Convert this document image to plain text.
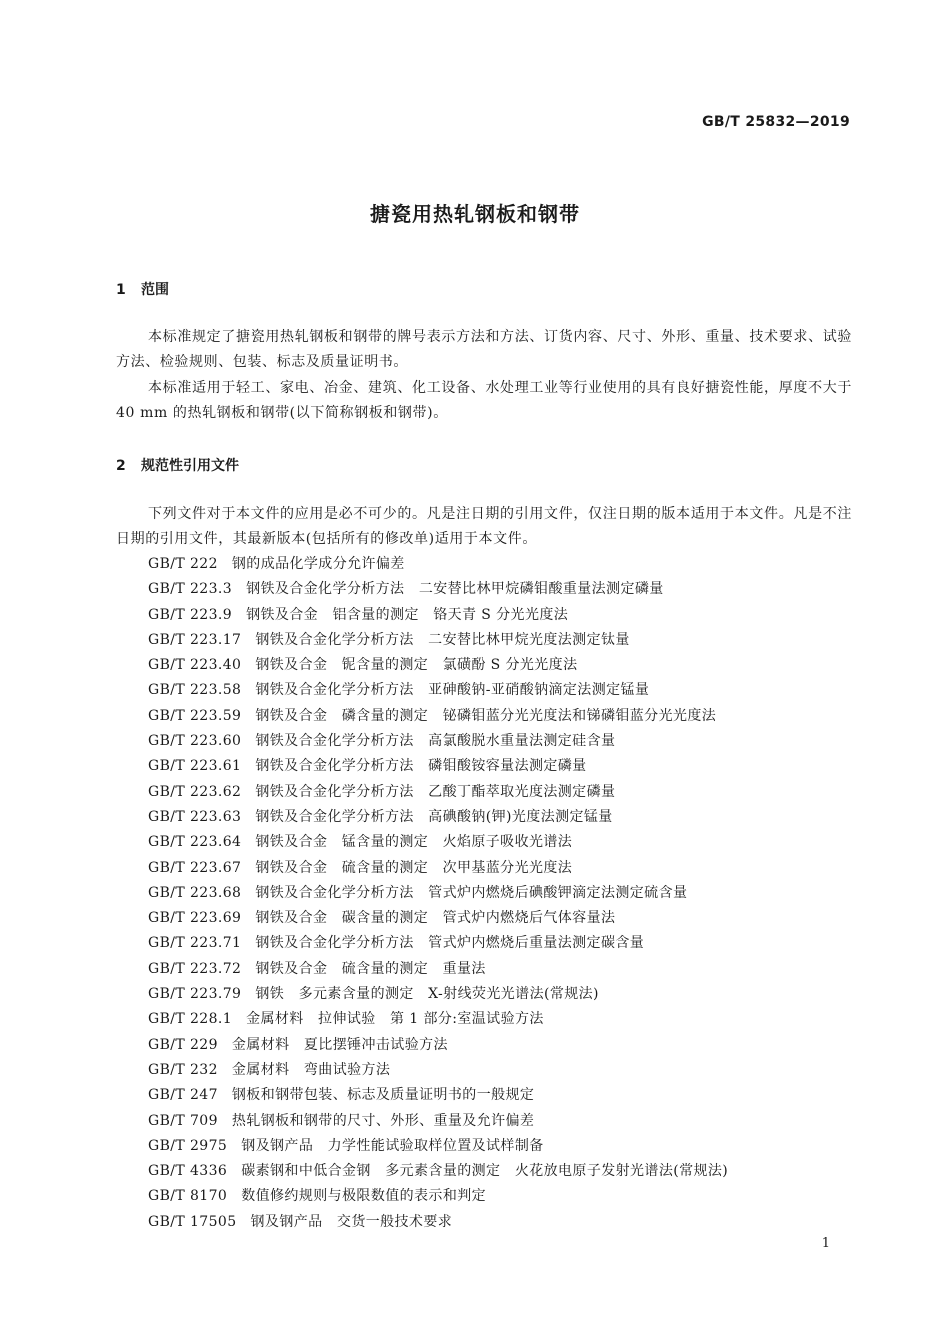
GB/T 25832—2019
搪瓷用热轧钢板和钢带
1 范围
本标准规定了搪瓷用热轧钢板和钢带的牌号表示方法和方法、订货内容、尺寸、外形、重量、技术要求、试验方法、检验规则、包装、标志及质量证明书。
本标准适用于轻工、家电、冶金、建筑、化工设备、水处理工业等行业使用的具有良好搪瓷性能，厚度不大于 40 mm 的热轧钢板和钢带(以下简称钢板和钢带)。
2 规范性引用文件
下列文件对于本文件的应用是必不可少的。凡是注日期的引用文件，仅注日期的版本适用于本文件。凡是不注日期的引用文件，其最新版本(包括所有的修改单)适用于本文件。
GB/T 222 钢的成品化学成分允许偏差
GB/T 223.3 钢铁及合金化学分析方法　二安替比林甲烷磷钼酸重量法测定磷量
GB/T 223.9 钢铁及合金　铝含量的测定　铬天青 S 分光光度法
GB/T 223.17 钢铁及合金化学分析方法　二安替比林甲烷光度法测定钛量
GB/T 223.40 钢铁及合金　铌含量的测定　氯磺酚 S 分光光度法
GB/T 223.58 钢铁及合金化学分析方法　亚砷酸钠-亚硝酸钠滴定法测定锰量
GB/T 223.59 钢铁及合金　磷含量的测定　铋磷钼蓝分光光度法和锑磷钼蓝分光光度法
GB/T 223.60 钢铁及合金化学分析方法　高氯酸脱水重量法测定硅含量
GB/T 223.61 钢铁及合金化学分析方法　磷钼酸铵容量法测定磷量
GB/T 223.62 钢铁及合金化学分析方法　乙酸丁酯萃取光度法测定磷量
GB/T 223.63 钢铁及合金化学分析方法　高碘酸钠(钾)光度法测定锰量
GB/T 223.64 钢铁及合金　锰含量的测定　火焰原子吸收光谱法
GB/T 223.67 钢铁及合金　硫含量的测定　次甲基蓝分光光度法
GB/T 223.68 钢铁及合金化学分析方法　管式炉内燃烧后碘酸钾滴定法测定硫含量
GB/T 223.69 钢铁及合金　碳含量的测定　管式炉内燃烧后气体容量法
GB/T 223.71 钢铁及合金化学分析方法　管式炉内燃烧后重量法测定碳含量
GB/T 223.72 钢铁及合金　硫含量的测定　重量法
GB/T 223.79 钢铁　多元素含量的测定　X-射线荧光光谱法(常规法)
GB/T 228.1 金属材料　拉伸试验　第 1 部分:室温试验方法
GB/T 229 金属材料　夏比摆锤冲击试验方法
GB/T 232 金属材料　弯曲试验方法
GB/T 247 钢板和钢带包装、标志及质量证明书的一般规定
GB/T 709 热轧钢板和钢带的尺寸、外形、重量及允许偏差
GB/T 2975 钢及钢产品　力学性能试验取样位置及试样制备
GB/T 4336 碳素钢和中低合金钢　多元素含量的测定　火花放电原子发射光谱法(常规法)
GB/T 8170 数值修约规则与极限数值的表示和判定
GB/T 17505 钢及钢产品　交货一般技术要求
1
